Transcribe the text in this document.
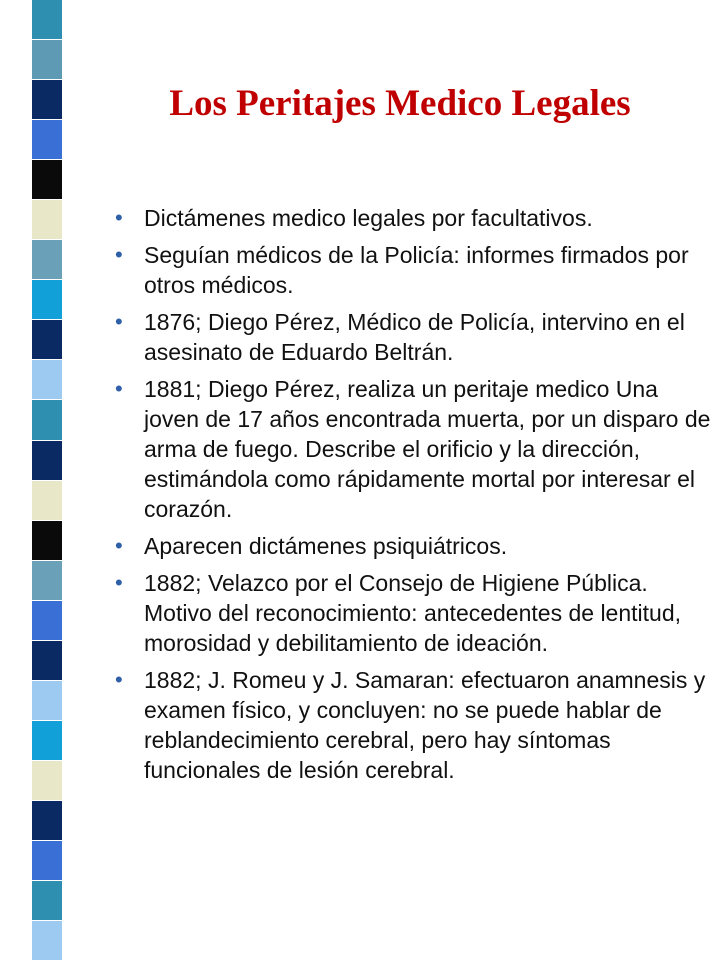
Los Peritajes Medico Legales
• Dictámenes medico legales por facultativos.
• Seguían médicos de la Policía: informes firmados por otros médicos.
• 1876; Diego Pérez, Médico de Policía, intervino en el asesinato de Eduardo Beltrán.
• 1881; Diego Pérez, realiza un peritaje medico Una joven de 17 años encontrada muerta, por un disparo de arma de fuego. Describe el orificio y la dirección, estimándola como rápidamente mortal por interesar el corazón.
• Aparecen dictámenes psiquiátricos.
• 1882; Velazco por el Consejo de Higiene Pública. Motivo del reconocimiento: antecedentes de lentitud, morosidad y debilitamiento de ideación.
• 1882; J. Romeu y J. Samaran: efectuaron anamnesis y examen físico, y concluyen: no se puede hablar de reblandecimiento cerebral, pero hay síntomas funcionales de lesión cerebral.
